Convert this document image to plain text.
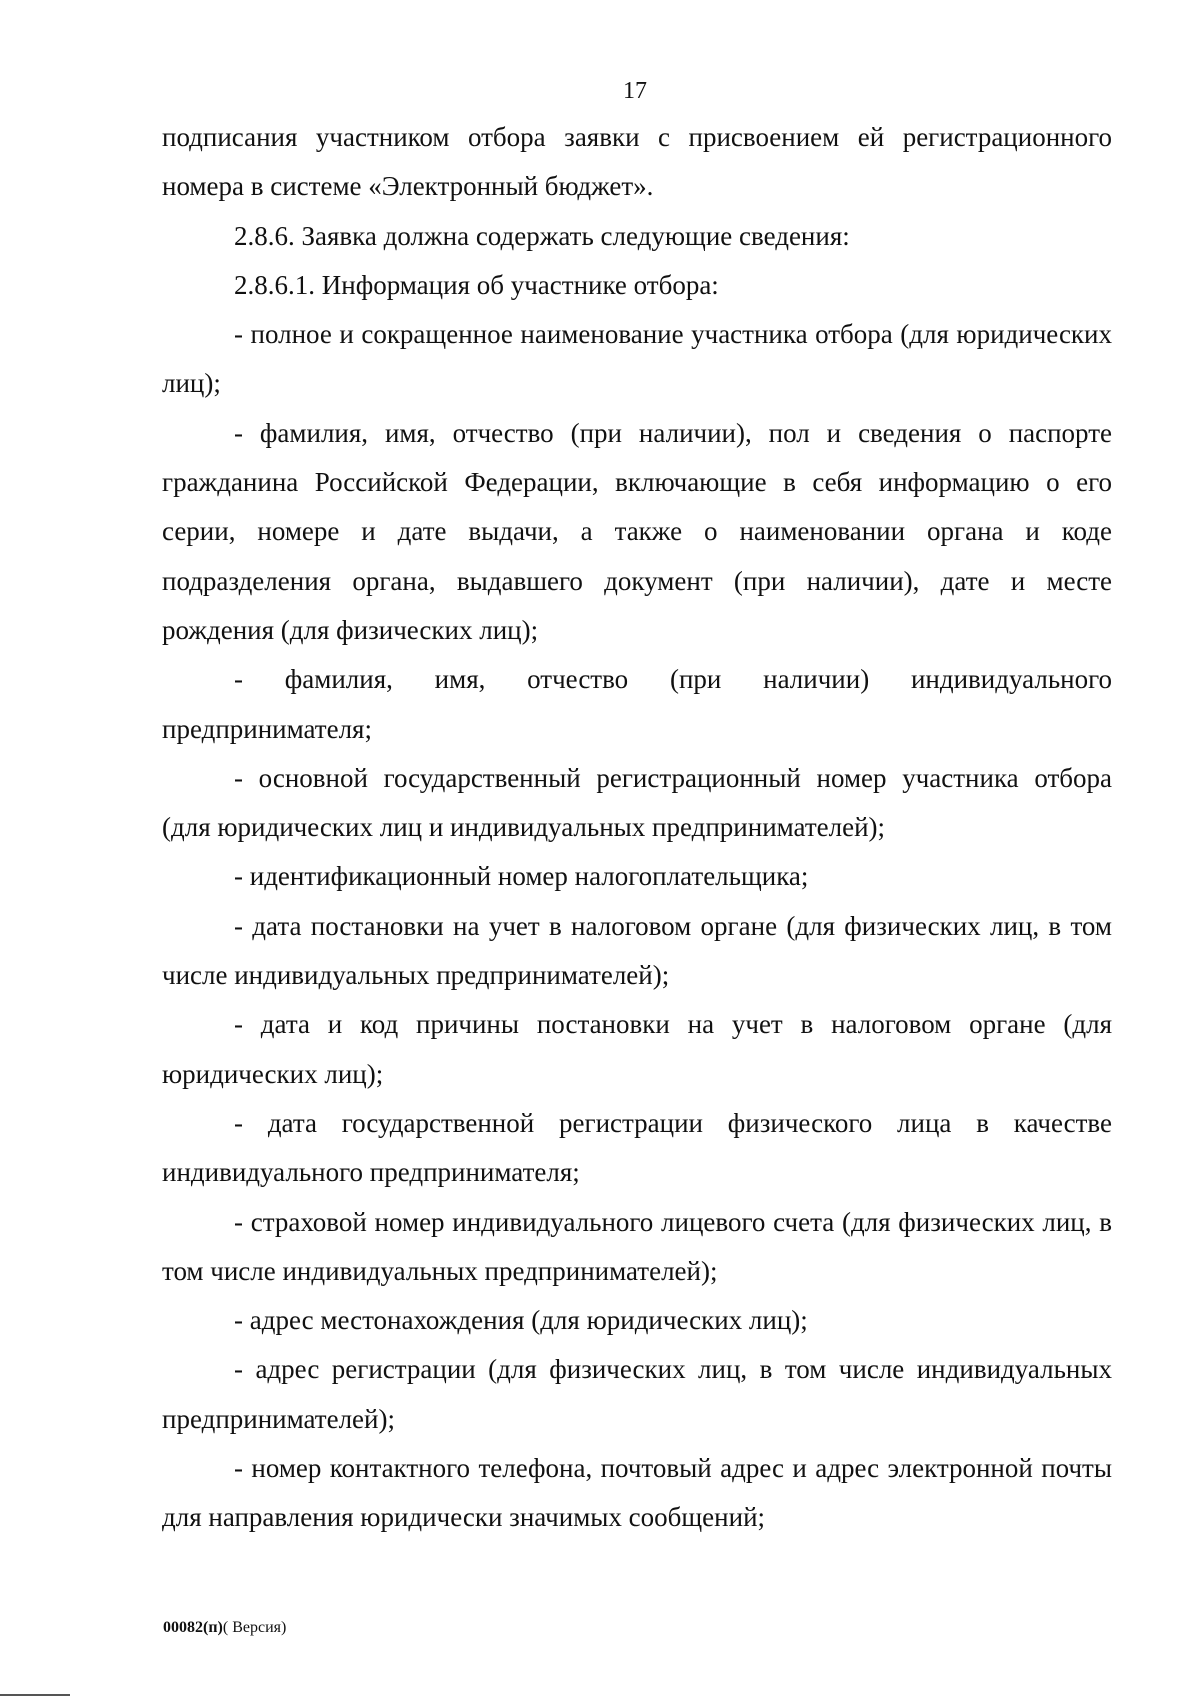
17

подписания участником отбора заявки с присвоением ей регистрационного номера в системе «Электронный бюджет».

2.8.6. Заявка должна содержать следующие сведения:

2.8.6.1. Информация об участнике отбора:

- полное и сокращенное наименование участника отбора (для юридических лиц);

- фамилия, имя, отчество (при наличии), пол и сведения о паспорте гражданина Российской Федерации, включающие в себя информацию о его серии, номере и дате выдачи, а также о наименовании органа и коде подразделения органа, выдавшего документ (при наличии), дате и месте рождения (для физических лиц);

- фамилия, имя, отчество (при наличии) индивидуального предпринимателя;

- основной государственный регистрационный номер участника отбора (для юридических лиц и индивидуальных предпринимателей);

- идентификационный номер налогоплательщика;

- дата постановки на учет в налоговом органе (для физических лиц, в том числе индивидуальных предпринимателей);

- дата и код причины постановки на учет в налоговом органе (для юридических лиц);

- дата государственной регистрации физического лица в качестве индивидуального предпринимателя;

- страховой номер индивидуального лицевого счета (для физических лиц, в том числе индивидуальных предпринимателей);

- адрес местонахождения (для юридических лиц);

- адрес регистрации (для физических лиц, в том числе индивидуальных предпринимателей);

- номер контактного телефона, почтовый адрес и адрес электронной почты для направления юридически значимых сообщений;

00082(п)( Версия)
